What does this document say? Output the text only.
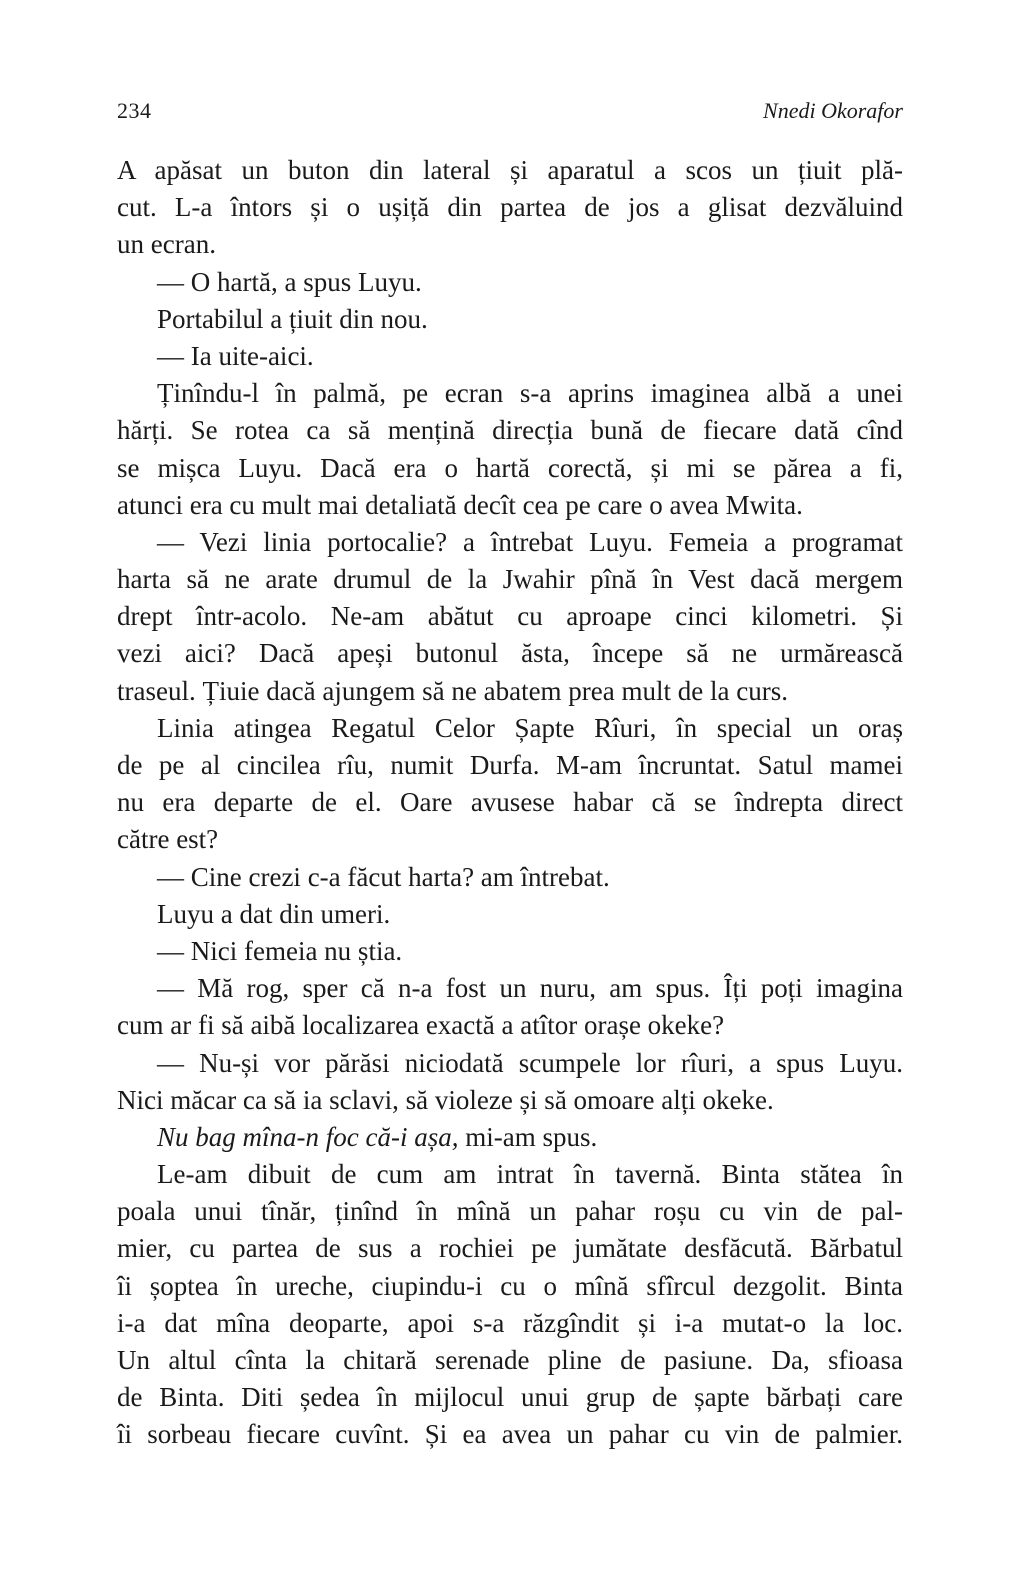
234	Nnedi Okorafor
A apăsat un buton din lateral și aparatul a scos un țiuit plă-
cut. L-a întors și o ușiță din partea de jos a glisat dezvăluind
un ecran.
— O hartă, a spus Luyu.
Portabilul a țiuit din nou.
— Ia uite-aici.
Ținîndu-l în palmă, pe ecran s-a aprins imaginea albă a unei
hărți. Se rotea ca să mențină direcția bună de fiecare dată cînd
se mișca Luyu. Dacă era o hartă corectă, și mi se părea a fi,
atunci era cu mult mai detaliată decît cea pe care o avea Mwita.
— Vezi linia portocalie? a întrebat Luyu. Femeia a programat
harta să ne arate drumul de la Jwahir pînă în Vest dacă mergem
drept într-acolo. Ne-am abătut cu aproape cinci kilometri. Și
vezi aici? Dacă apeși butonul ăsta, începe să ne urmărească
traseul. Țiuie dacă ajungem să ne abatem prea mult de la curs.
Linia atingea Regatul Celor Șapte Rîuri, în special un oraș
de pe al cincilea rîu, numit Durfa. M-am încruntat. Satul mamei
nu era departe de el. Oare avusese habar că se îndrepta direct
către est?
— Cine crezi c-a făcut harta? am întrebat.
Luyu a dat din umeri.
— Nici femeia nu știa.
— Mă rog, sper că n-a fost un nuru, am spus. Îți poți imagina
cum ar fi să aibă localizarea exactă a atîtor orașe okeke?
— Nu-și vor părăsi niciodată scumpele lor rîuri, a spus Luyu.
Nici măcar ca să ia sclavi, să violeze și să omoare alți okeke.
Nu bag mîna-n foc că-i așa, mi-am spus.
Le-am dibuit de cum am intrat în tavernă. Binta stătea în
poala unui tînăr, ținînd în mînă un pahar roșu cu vin de pal-
mier, cu partea de sus a rochiei pe jumătate desfăcută. Bărbatul
îi șoptea în ureche, ciupindu-i cu o mînă sfîrcul dezgolit. Binta
i-a dat mîna deoparte, apoi s-a răzgîndit și i-a mutat-o la loc.
Un altul cînta la chitară serenade pline de pasiune. Da, sfioasa
de Binta. Diti ședea în mijlocul unui grup de șapte bărbați care
îi sorbeau fiecare cuvînt. Și ea avea un pahar cu vin de palmier.
